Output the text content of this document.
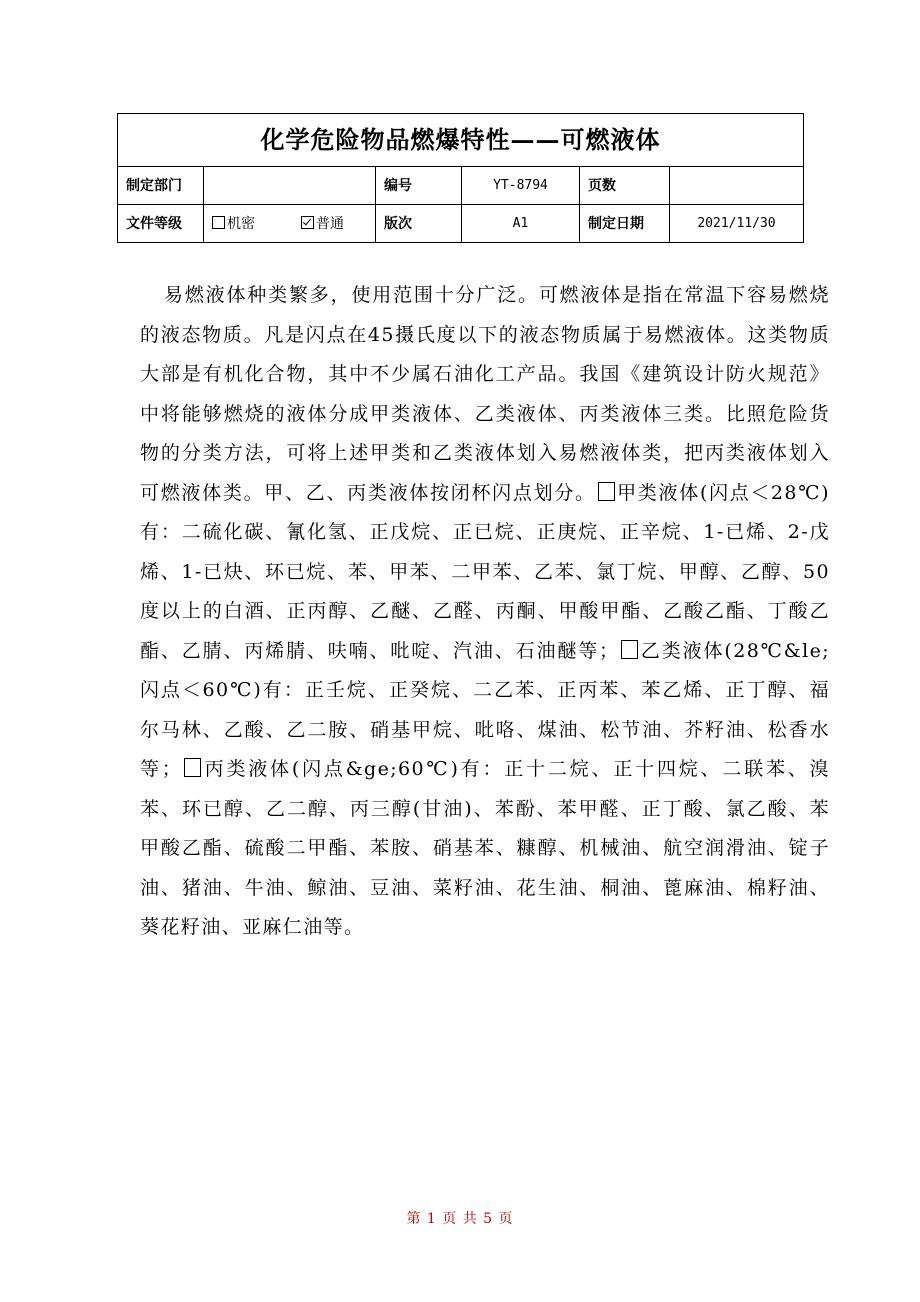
化学危险物品燃爆特性——可燃液体					
制定部门		编号	YT-8794	页数	
文件等级	机密 普通	版次	A1	制定日期	2021/11/30
易燃液体种类繁多，使用范围十分广泛。可燃液体是指在常温下容易燃烧的液态物质。凡是闪点在45摄氏度以下的液态物质属于易燃液体。这类物质大部是有机化合物，其中不少属石油化工产品。我国《建筑设计防火规范》中将能够燃烧的液体分成甲类液体、乙类液体、丙类液体三类。比照危险货物的分类方法，可将上述甲类和乙类液体划入易燃液体类，把丙类液体划入可燃液体类。甲、乙、丙类液体按闭杯闪点划分。 甲类液体(闪点＜28℃)有：二硫化碳、氰化氢、正戊烷、正已烷、正庚烷、正辛烷、1-已烯、2-戊烯、1-已炔、环已烷、苯、甲苯、二甲苯、乙苯、氯丁烷、甲醇、乙醇、50度以上的白酒、正丙醇、乙醚、乙醛、丙酮、甲酸甲酯、乙酸乙酯、丁酸乙酯、乙腈、丙烯腈、呋喃、吡啶、汽油、石油醚等； 乙类液体(28℃&le;闪点＜60℃)有：正壬烷、正癸烷、二乙苯、正丙苯、苯乙烯、正丁醇、福尔马林、乙酸、乙二胺、硝基甲烷、吡咯、煤油、松节油、芥籽油、松香水等； 丙类液体(闪点&ge;60℃)有：正十二烷、正十四烷、二联苯、溴苯、环已醇、乙二醇、丙三醇(甘油)、苯酚、苯甲醛、正丁酸、氯乙酸、苯甲酸乙酯、硫酸二甲酯、苯胺、硝基苯、糠醇、机械油、航空润滑油、锭子油、猪油、牛油、鲸油、豆油、菜籽油、花生油、桐油、蓖麻油、棉籽油、葵花籽油、亚麻仁油等。
第 1 页 共 5 页
